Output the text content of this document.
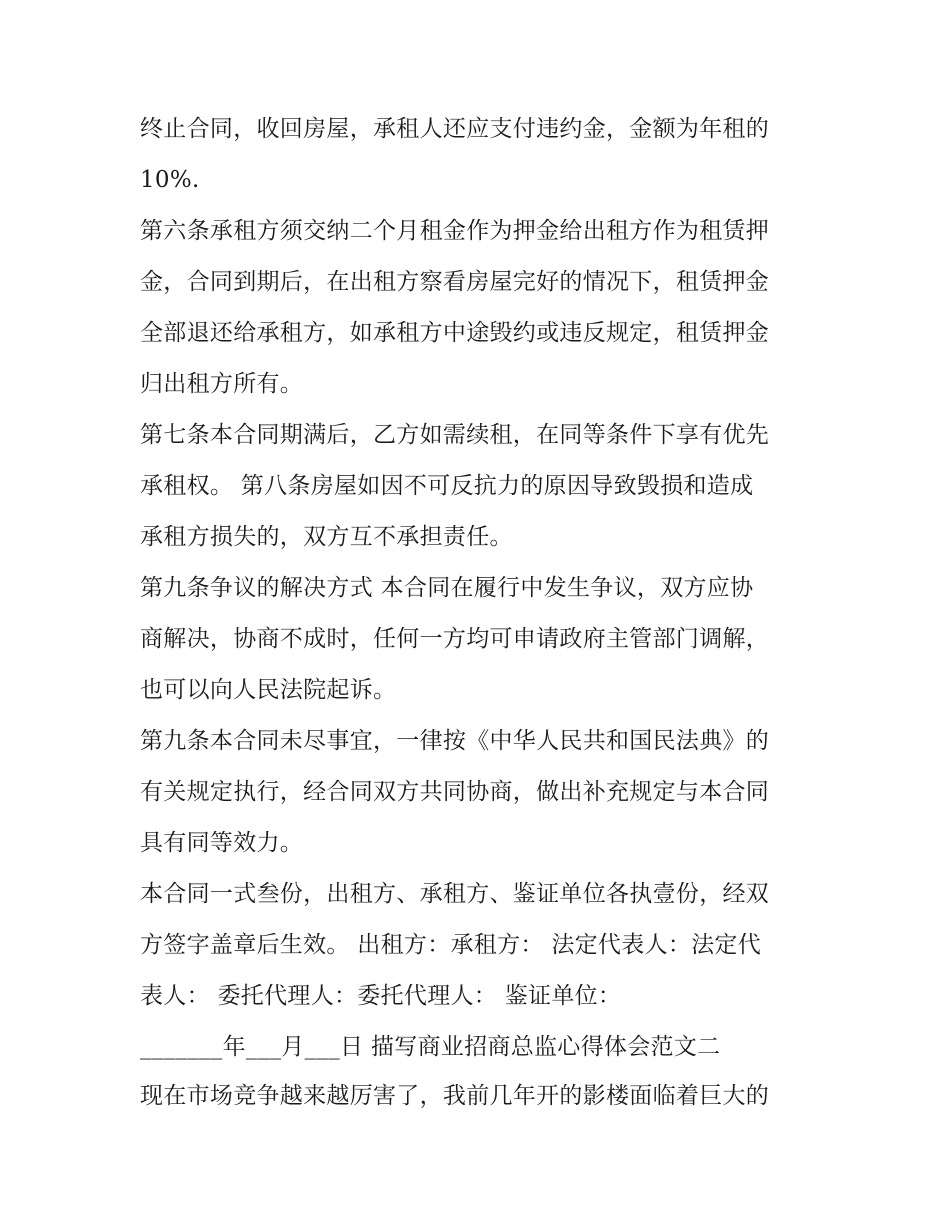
终止合同，收回房屋，承租人还应支付违约金，金额为年租的
10%.
第六条承租方须交纳二个月租金作为押金给出租方作为租赁押
金，合同到期后，在出租方察看房屋完好的情况下，租赁押金
全部退还给承租方，如承租方中途毁约或违反规定，租赁押金
归出租方所有。
第七条本合同期满后，乙方如需续租，在同等条件下享有优先
承租权。 第八条房屋如因不可反抗力的原因导致毁损和造成
承租方损失的，双方互不承担责任。
第九条争议的解决方式 本合同在履行中发生争议，双方应协
商解决，协商不成时，任何一方均可申请政府主管部门调解，
也可以向人民法院起诉。
第九条本合同未尽事宜，一律按《中华人民共和国民法典》的
有关规定执行，经合同双方共同协商，做出补充规定与本合同
具有同等效力。
本合同一式叁份，出租方、承租方、鉴证单位各执壹份，经双
方签字盖章后生效。 出租方：承租方： 法定代表人：法定代
表人： 委托代理人：委托代理人： 鉴证单位：
_______年___月___日 描写商业招商总监心得体会范文二
现在市场竞争越来越厉害了，我前几年开的影楼面临着巨大的
